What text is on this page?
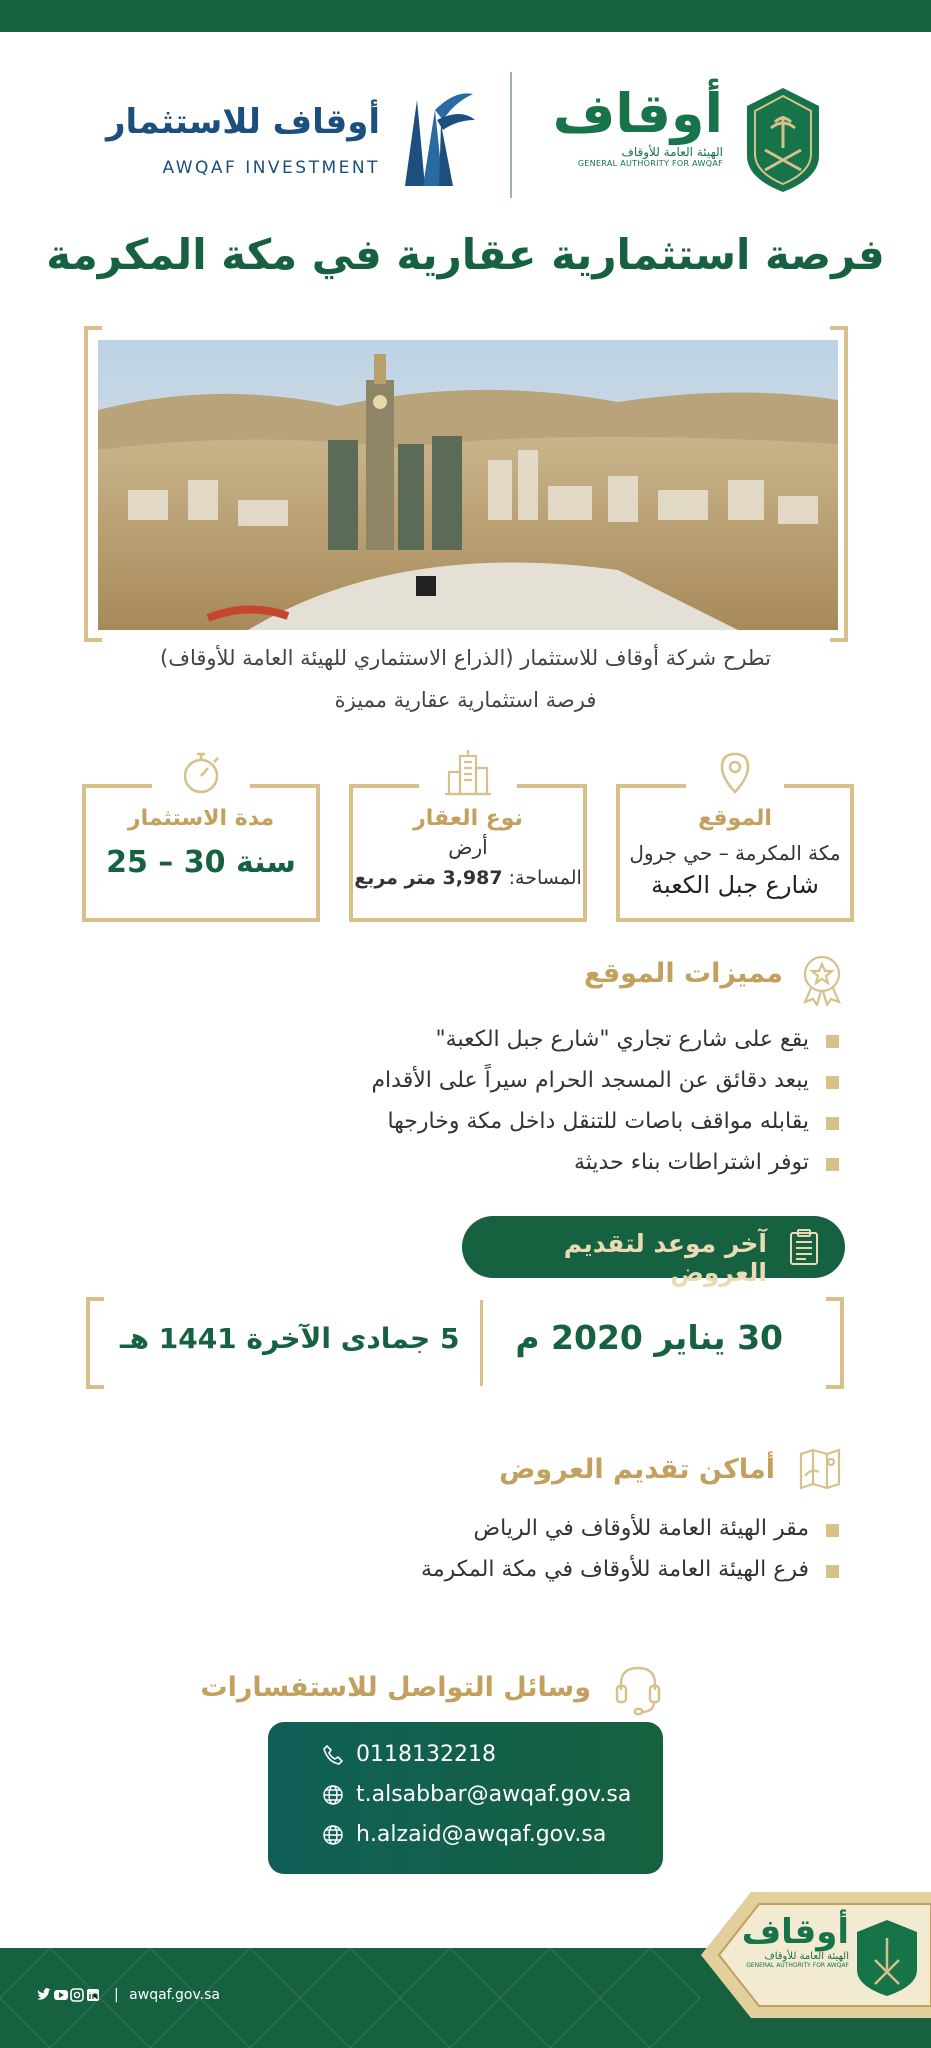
أوقاف
الهيئة العامة للأوقاف
GENERAL AUTHORITY FOR AWQAF
أوقاف للاستثمار
AWQAF INVESTMENT
فرصة استثمارية عقارية في مكة المكرمة

تطرح شركة أوقاف للاستثمار (الذراع الاستثماري للهيئة العامة للأوقاف)

فرصة استثمارية عقارية مميزة

الموقع
مكة المكرمة – حي جرول
شارع جبل الكعبة
نوع العقار
أرض
المساحة: 3,987 متر مربع
مدة الاستثمار
25 – 30 سنة
مميزات الموقع
يقع على شارع تجاري "شارع جبل الكعبة"
يبعد دقائق عن المسجد الحرام سيراً على الأقدام
يقابله مواقف باصات للتنقل داخل مكة وخارجها
توفر اشتراطات بناء حديثة
آخر موعد لتقديم العروض
30 يناير 2020 م
5 جمادى الآخرة 1441 هـ
أماكن تقديم العروض
مقر الهيئة العامة للأوقاف في الرياض
فرع الهيئة العامة للأوقاف في مكة المكرمة
وسائل التواصل للاستفسارات
0118132218
t.alsabbar@awqaf.gov.sa
h.alzaid@awqaf.gov.sa
أوقاف
الهيئة العامة للأوقاف
GENERAL AUTHORITY FOR AWQAF
| awqaf.gov.sa
